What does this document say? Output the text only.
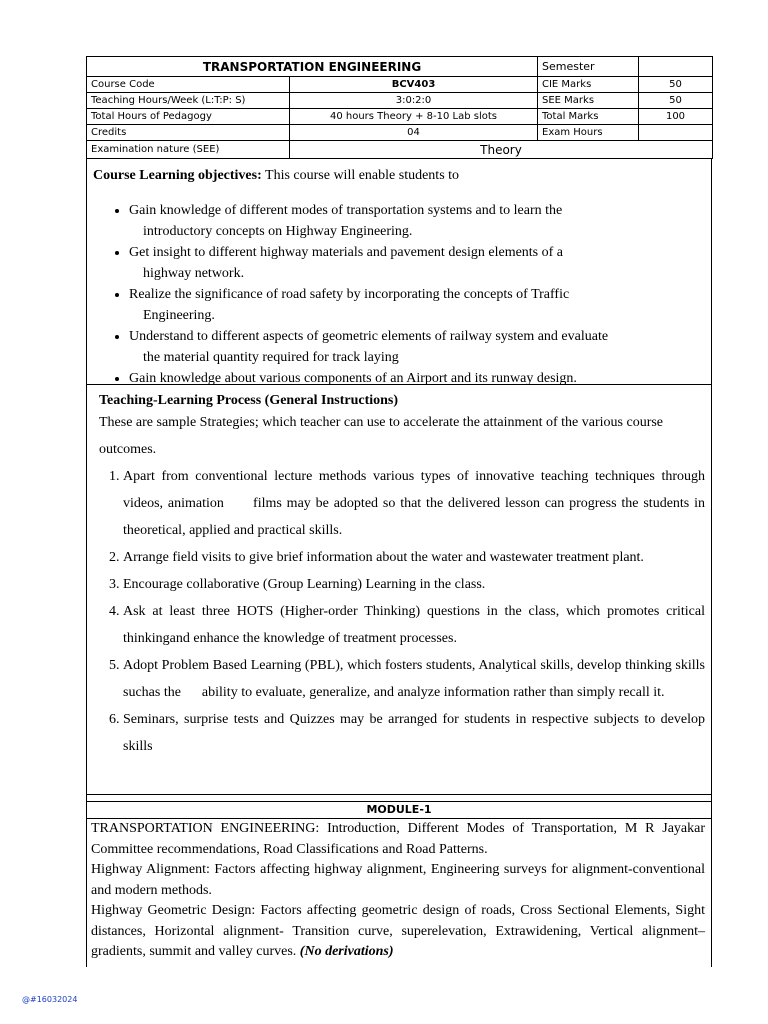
TRANSPORTATION ENGINEERING		Semester	
Course Code	BCV403	CIE Marks	50
Teaching Hours/Week (L:T:P: S)	3:0:2:0	SEE Marks	50
Total Hours of Pedagogy	40 hours Theory + 8-10 Lab slots	Total Marks	100
Credits	04	Exam Hours	
Examination nature (SEE)	Theory		
Course Learning objectives: This course will enable students to
• Gain knowledge of different modes of transportation systems and to learn the
introductory concepts on Highway Engineering.
• Get insight to different highway materials and pavement design elements of a
highway network.
• Realize the significance of road safety by incorporating the concepts of Traffic
Engineering.
• Understand to different aspects of geometric elements of railway system and evaluate
the material quantity required for track laying
• Gain knowledge about various components of an Airport and its runway design.
Teaching-Learning Process (General Instructions)
These are sample Strategies; which teacher can use to accelerate the attainment of the various course outcomes.
1. Apart from conventional lecture methods various types of innovative teaching techniques through videos, animation      films may be adopted so that the delivered lesson can progress the students in theoretical, applied and practical skills.
2. Arrange field visits to give brief information about the water and wastewater treatment plant.
3. Encourage collaborative (Group Learning) Learning in the class.
4. Ask at least three HOTS (Higher-order Thinking) questions in the class, which promotes critical thinkingand enhance the knowledge of treatment processes.
5. Adopt Problem Based Learning (PBL), which fosters students, Analytical skills, develop thinking skills suchas the      ability to evaluate, generalize, and analyze information rather than simply recall it.
6. Seminars, surprise tests and Quizzes may be arranged for students in respective subjects to develop skills
MODULE-1

TRANSPORTATION ENGINEERING: Introduction, Different Modes of Transportation, M R Jayakar Committee recommendations, Road Classifications and Road Patterns.

Highway Alignment: Factors affecting highway alignment, Engineering surveys for alignment-conventional and modern methods.

Highway Geometric Design: Factors affecting geometric design of roads, Cross Sectional Elements, Sight distances, Horizontal alignment- Transition curve, superelevation, Extrawidening, Vertical alignment–gradients, summit and valley curves. (No derivations)

@#16032024
